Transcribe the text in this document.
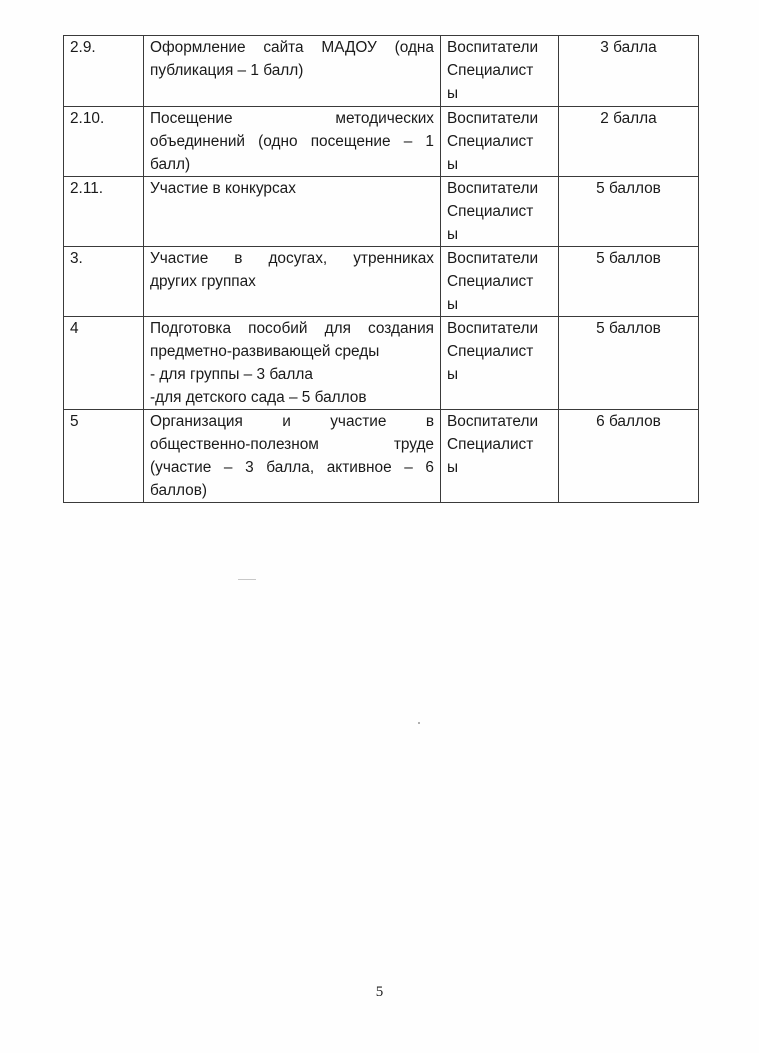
2.9.	Оформление сайта МАДОУ (одна
публикация – 1 балл)	Воспитатели
Специалист
ы	3 балла
2.10.	Посещение методических
объединений (одно посещение – 1
балл)	Воспитатели
Специалист
ы	2 балла
2.11.	Участие в конкурсах	Воспитатели
Специалист
ы	5 баллов
3.	Участие в досугах, утренниках
других группах	Воспитатели
Специалист
ы	5 баллов
4	Подготовка пособий для создания
предметно-развивающей среды
- для группы – 3 балла
-для детского сада – 5 баллов	Воспитатели
Специалист
ы	5 баллов
5	Организация и участие в
общественно-полезном труде
(участие – 3 балла, активное – 6
баллов)	Воспитатели
Специалист
ы	6 баллов
5
